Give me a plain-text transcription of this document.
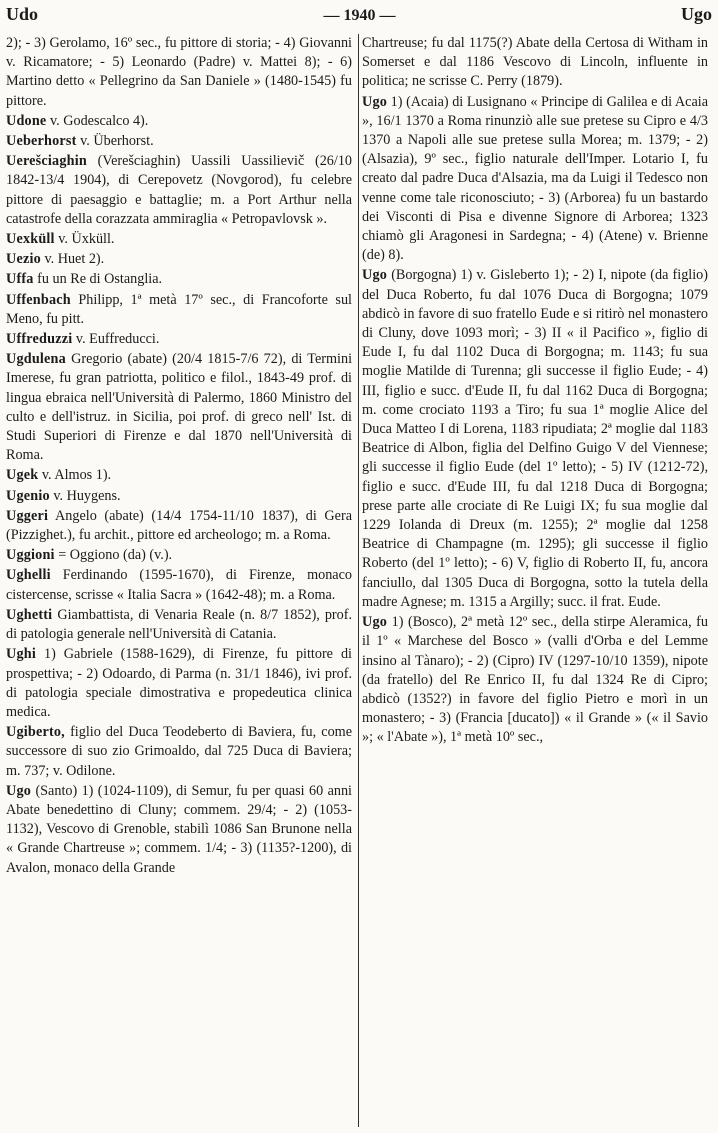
Udo	— 1940 —	Ugo

2); - 3) Gerolamo, 16º sec., fu pittore di storia; - 4) Giovanni v. Ricamatore; - 5) Leonardo (Padre) v. Mattei 8); - 6) Martino detto « Pellegrino da San Daniele » (1480-1545) fu pittore.

Udone v. Godescalco 4).

Ueberhorst v. Überhorst.

Uerešciaghin (Verešciaghin) Uassili Uassilievič (26/10 1842-13/4 1904), di Cerepovetz (Novgorod), fu celebre pittore di paesaggio e battaglie; m. a Port Arthur nella catastrofe della corazzata ammiraglia « Petropavlovsk ».

Uexküll v. Üxküll.

Uezio v. Huet 2).

Uffa fu un Re di Ostanglia.

Uffenbach Philipp, 1ª metà 17º sec., di Francoforte sul Meno, fu pitt.

Uffreduzzi v. Euffreducci.

Ugdulena Gregorio (abate) (20/4 1815-7/6 72), di Termini Imerese, fu gran patriotta, politico e filol., 1843-49 prof. di lingua ebraica nell'Università di Palermo, 1860 Ministro del culto e dell'istruz. in Sicilia, poi prof. di greco nell' Ist. di Studi Superiori di Firenze e dal 1870 nell'Università di Roma.

Ugek v. Almos 1).

Ugenio v. Huygens.

Uggeri Angelo (abate) (14/4 1754-11/10 1837), di Gera (Pizzighet.), fu archit., pittore ed archeologo; m. a Roma.

Uggioni = Oggiono (da) (v.).

Ughelli Ferdinando (1595-1670), di Firenze, monaco cistercense, scrisse « Italia Sacra » (1642-48); m. a Roma.

Ughetti Giambattista, di Venaria Reale (n. 8/7 1852), prof. di patologia generale nell'Università di Catania.

Ughi 1) Gabriele (1588-1629), di Firenze, fu pittore di prospettiva; - 2) Odoardo, di Parma (n. 31/1 1846), ivi prof. di patologia speciale dimostrativa e propedeutica clinica medica.

Ugiberto, figlio del Duca Teodeberto di Baviera, fu, come successore di suo zio Grimoaldo, dal 725 Duca di Baviera; m. 737; v. Odilone.

Ugo (Santo) 1) (1024-1109), di Semur, fu per quasi 60 anni Abate benedettino di Cluny; commem. 29/4; - 2) (1053-1132), Vescovo di Grenoble, stabilì 1086 San Brunone nella « Grande Chartreuse »; commem. 1/4; - 3) (1135?-1200), di Avalon, monaco della Grande

Chartreuse; fu dal 1175(?) Abate della Certosa di Witham in Somerset e dal 1186 Vescovo di Lincoln, influente in politica; ne scrisse C. Perry (1879).

Ugo 1) (Acaia) di Lusignano « Principe di Galilea e di Acaia », 16/1 1370 a Roma rinunziò alle sue pretese su Cipro e 4/3 1370 a Napoli alle sue pretese sulla Morea; m. 1379; - 2) (Alsazia), 9º sec., figlio naturale dell'Imper. Lotario I, fu creato dal padre Duca d'Alsazia, ma da Luigi il Tedesco non venne come tale riconosciuto; - 3) (Arborea) fu un bastardo dei Visconti di Pisa e divenne Signore di Arborea; 1323 chiamò gli Aragonesi in Sardegna; - 4) (Atene) v. Brienne (de) 8).

Ugo (Borgogna) 1) v. Gisleberto 1); - 2) I, nipote (da figlio) del Duca Roberto, fu dal 1076 Duca di Borgogna; 1079 abdicò in favore di suo fratello Eude e si ritirò nel monastero di Cluny, dove 1093 morì; - 3) II « il Pacifico », figlio di Eude I, fu dal 1102 Duca di Borgogna; m. 1143; fu sua moglie Matilde di Turenna; gli successe il figlio Eude; - 4) III, figlio e succ. d'Eude II, fu dal 1162 Duca di Borgogna; m. come crociato 1193 a Tiro; fu sua 1ª moglie Alice del Duca Matteo I di Lorena, 1183 ripudiata; 2ª moglie dal 1183 Beatrice di Albon, figlia del Delfino Guigo V del Viennese; gli successe il figlio Eude (del 1º letto); - 5) IV (1212-72), figlio e succ. d'Eude III, fu dal 1218 Duca di Borgogna; prese parte alle crociate di Re Luigi IX; fu sua moglie dal 1229 Iolanda di Dreux (m. 1255); 2ª moglie dal 1258 Beatrice di Champagne (m. 1295); gli successe il figlio Roberto (del 1º letto); - 6) V, figlio di Roberto II, fu, ancora fanciullo, dal 1305 Duca di Borgogna, sotto la tutela della madre Agnese; m. 1315 a Argilly; succ. il frat. Eude.

Ugo 1) (Bosco), 2ª metà 12º sec., della stirpe Aleramica, fu il 1º « Marchese del Bosco » (valli d'Orba e del Lemme insino al Tànaro); - 2) (Cipro) IV (1297-10/10 1359), nipote (da fratello) del Re Enrico II, fu dal 1324 Re di Cipro; abdicò (1352?) in favore del figlio Pietro e morì in un monastero; - 3) (Francia [ducato]) « il Grande » (« il Savio »; « l'Abate »), 1ª metà 10º sec.,
